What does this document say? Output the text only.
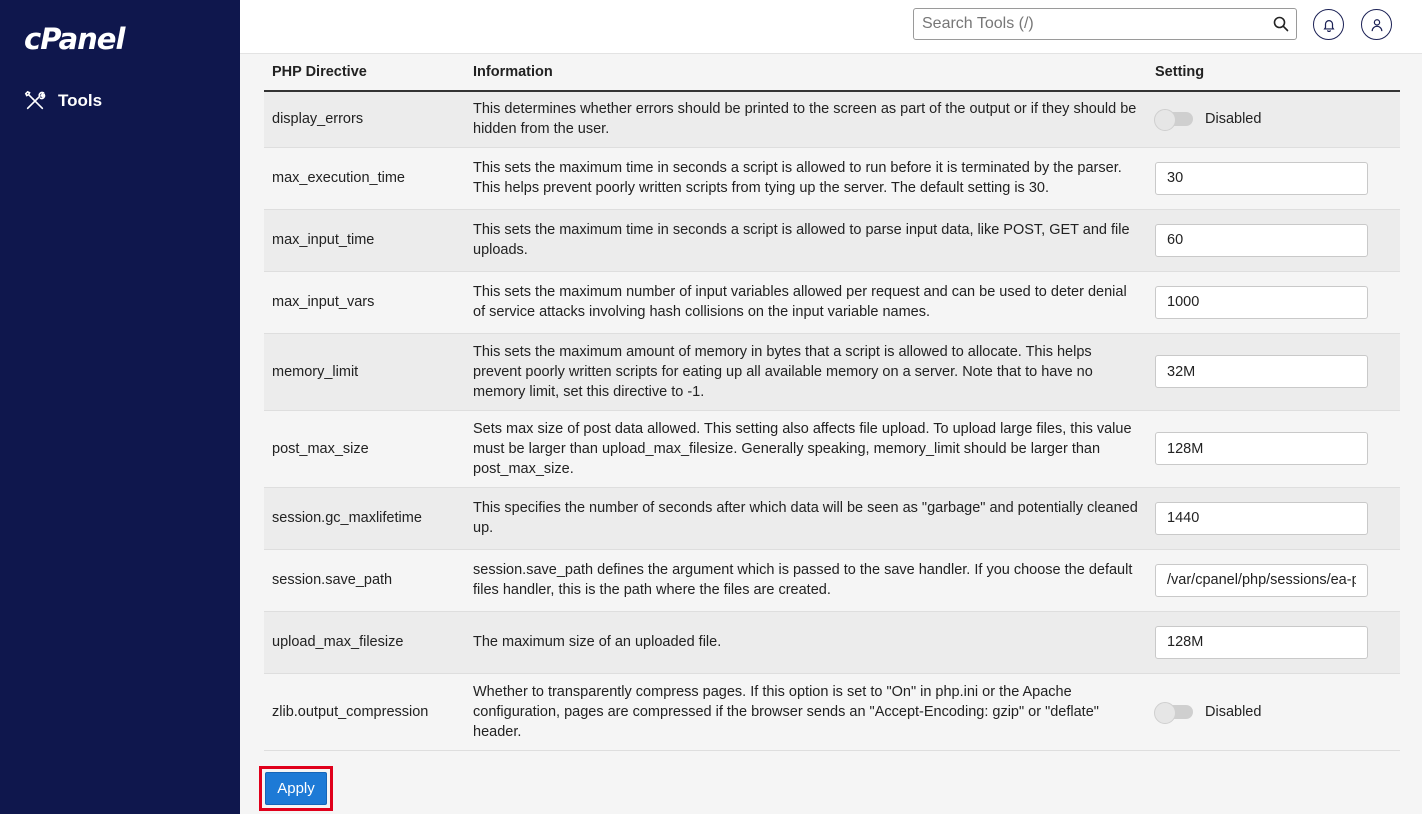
cPanel
Tools
Search Tools (/)
PHP Directive	Information	Setting
display_errors	This determines whether errors should be printed to the screen as part of the output or if they should be hidden from the user.	Disabled

max_execution_time	This sets the maximum time in seconds a script is allowed to run before it is terminated by the parser. This helps prevent poorly written scripts from tying up the server. The default setting is 30.	30
max_input_time	This sets the maximum time in seconds a script is allowed to parse input data, like POST, GET and file uploads.	60
max_input_vars	This sets the maximum number of input variables allowed per request and can be used to deter denial of service attacks involving hash collisions on the input variable names.	1000
memory_limit	This sets the maximum amount of memory in bytes that a script is allowed to allocate. This helps prevent poorly written scripts for eating up all available memory on a server. Note that to have no memory limit, set this directive to -1.	32M
post_max_size	Sets max size of post data allowed. This setting also affects file upload. To upload large files, this value must be larger than upload_max_filesize. Generally speaking, memory_limit should be larger than post_max_size.	128M
session.gc_maxlifetime	This specifies the number of seconds after which data will be seen as "garbage" and potentially cleaned up.	1440
session.save_path	session.save_path defines the argument which is passed to the save handler. If you choose the default files handler, this is the path where the files are created.	/var/cpanel/php/sessions/ea-php81
upload_max_filesize	The maximum size of an uploaded file.	128M
zlib.output_compression	Whether to transparently compress pages. If this option is set to "On" in php.ini or the Apache configuration, pages are compressed if the browser sends an "Accept-Encoding: gzip" or "deflate" header.	Disabled
Apply
